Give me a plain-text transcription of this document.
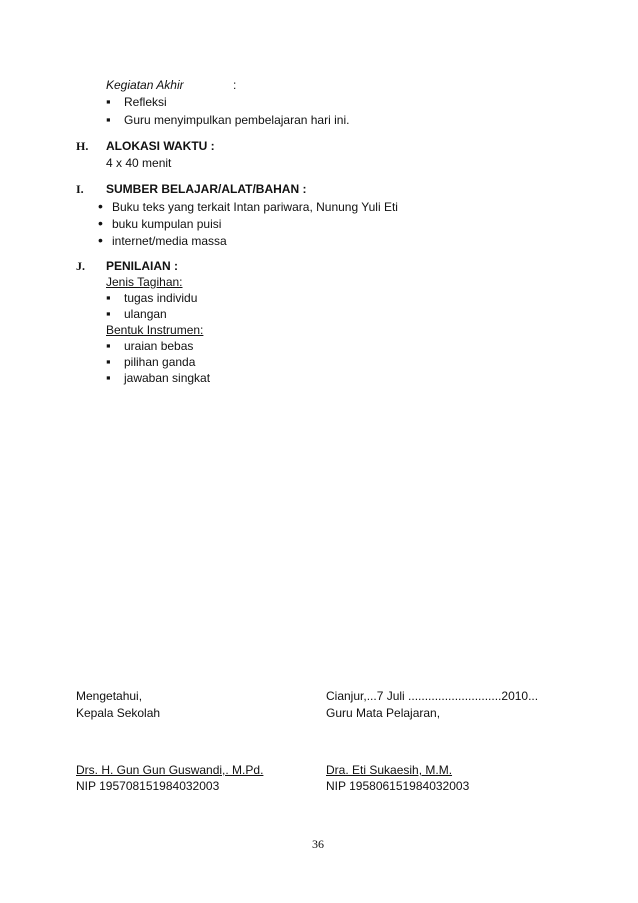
Kegiatan Akhir	:
▪ Refleksi
▪ Guru menyimpulkan pembelajaran hari ini.
H. ALOKASI WAKTU :
4 x 40 menit
I. SUMBER BELAJAR/ALAT/BAHAN :
• Buku teks yang terkait Intan pariwara, Nunung Yuli Eti
• buku kumpulan puisi
• internet/media massa
J. PENILAIAN :
Jenis Tagihan:
▪ tugas individu
▪ ulangan
Bentuk Instrumen:
▪ uraian bebas
▪ pilihan ganda
▪ jawaban singkat
Mengetahui,
Kepala Sekolah
Drs. H. Gun Gun Guswandi,. M.Pd.
NIP 195708151984032003
Cianjur,...7 Juli ............................2010...
Guru Mata Pelajaran,
Dra. Eti Sukaesih, M.M.
NIP 195806151984032003
36
